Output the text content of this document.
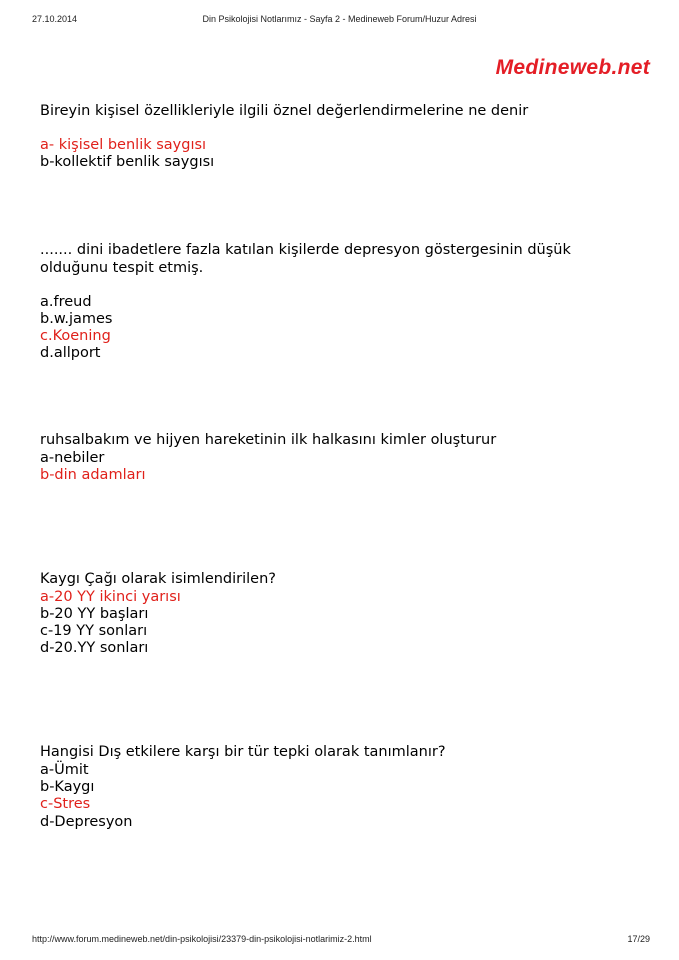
27.10.2014	Din Psikolojisi Notlarımız - Sayfa 2 - Medineweb Forum/Huzur Adresi
Medineweb.net
Bireyin kişisel özellikleriyle ilgili öznel değerlendirmelerine ne denir
a- kişisel benlik saygısı
b-kollektif benlik saygısı
....... dini ibadetlere fazla katılan kişilerde depresyon göstergesinin düşük
olduğunu tespit etmiş.
a.freud
b.w.james
c.Koening
d.allport
ruhsalbakım ve hijyen hareketinin ilk halkasını kimler oluşturur
a-nebiler
b-din adamları
Kaygı Çağı olarak isimlendirilen?
a-20 YY ikinci yarısı
b-20 YY başları
c-19 YY sonları
d-20.YY sonları
Hangisi Dış etkilere karşı bir tür tepki olarak tanımlanır?
a-Ümit
b-Kaygı
c-Stres
d-Depresyon
http://www.forum.medineweb.net/din-psikolojisi/23379-din-psikolojisi-notlarimiz-2.html	17/29
